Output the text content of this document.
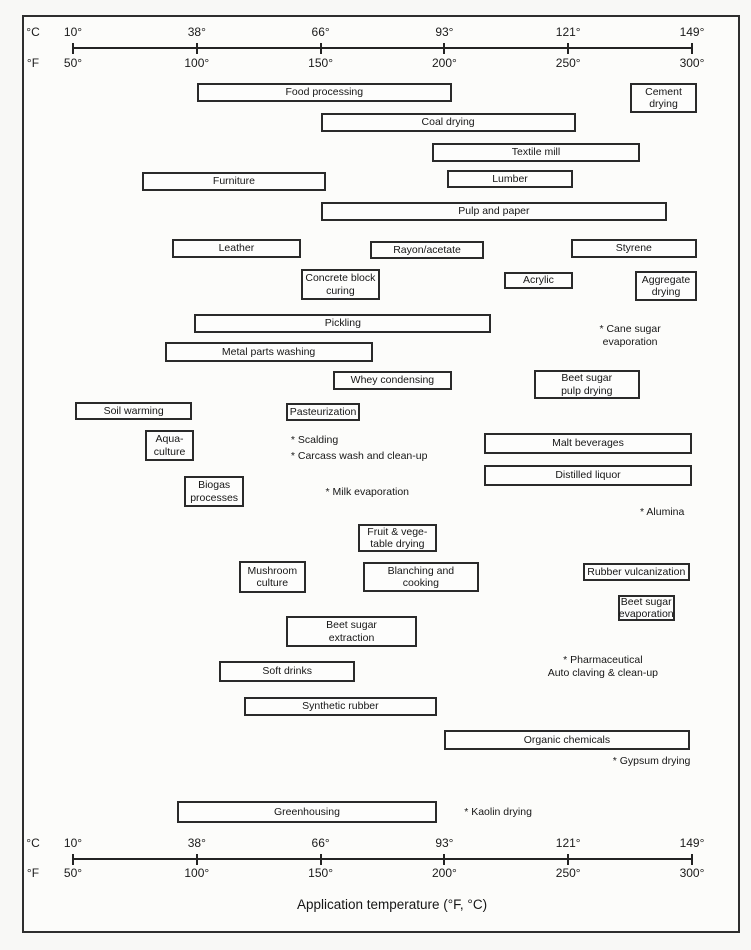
°C
°F
10°
50°
38°
100°
66°
150°
93°
200°
121°
250°
149°
300°
°C
°F
10°
50°
38°
100°
66°
150°
93°
200°
121°
250°
149°
300°
Food processing	Cement
drying
Coal drying
Textile mill
Furniture	Lumber
Pulp and paper
Leather	Rayon/acetate	Styrene
Concrete block
curing
Acrylic	Aggregate
drying
Pickling
Metal parts washing
Whey condensing	Beet sugar
pulp drying
Soil warming	Pasteurization
Aqua-
culture
Malt beverages
Distilled liquor
Biogas
processes
Fruit & vege-
table drying
Mushroom
culture
Blanching and
cooking
Rubber vulcanization
Beet sugar
evaporation
Beet sugar
extraction
Soft drinks
Synthetic rubber
Organic chemicals
Greenhousing
* Cane sugar
evaporation
* Scalding
* Carcass wash and clean-up
* Milk evaporation
* Alumina
* Pharmaceutical
Auto claving & clean-up
* Gypsum drying
* Kaolin drying
Application temperature (°F, °C)
